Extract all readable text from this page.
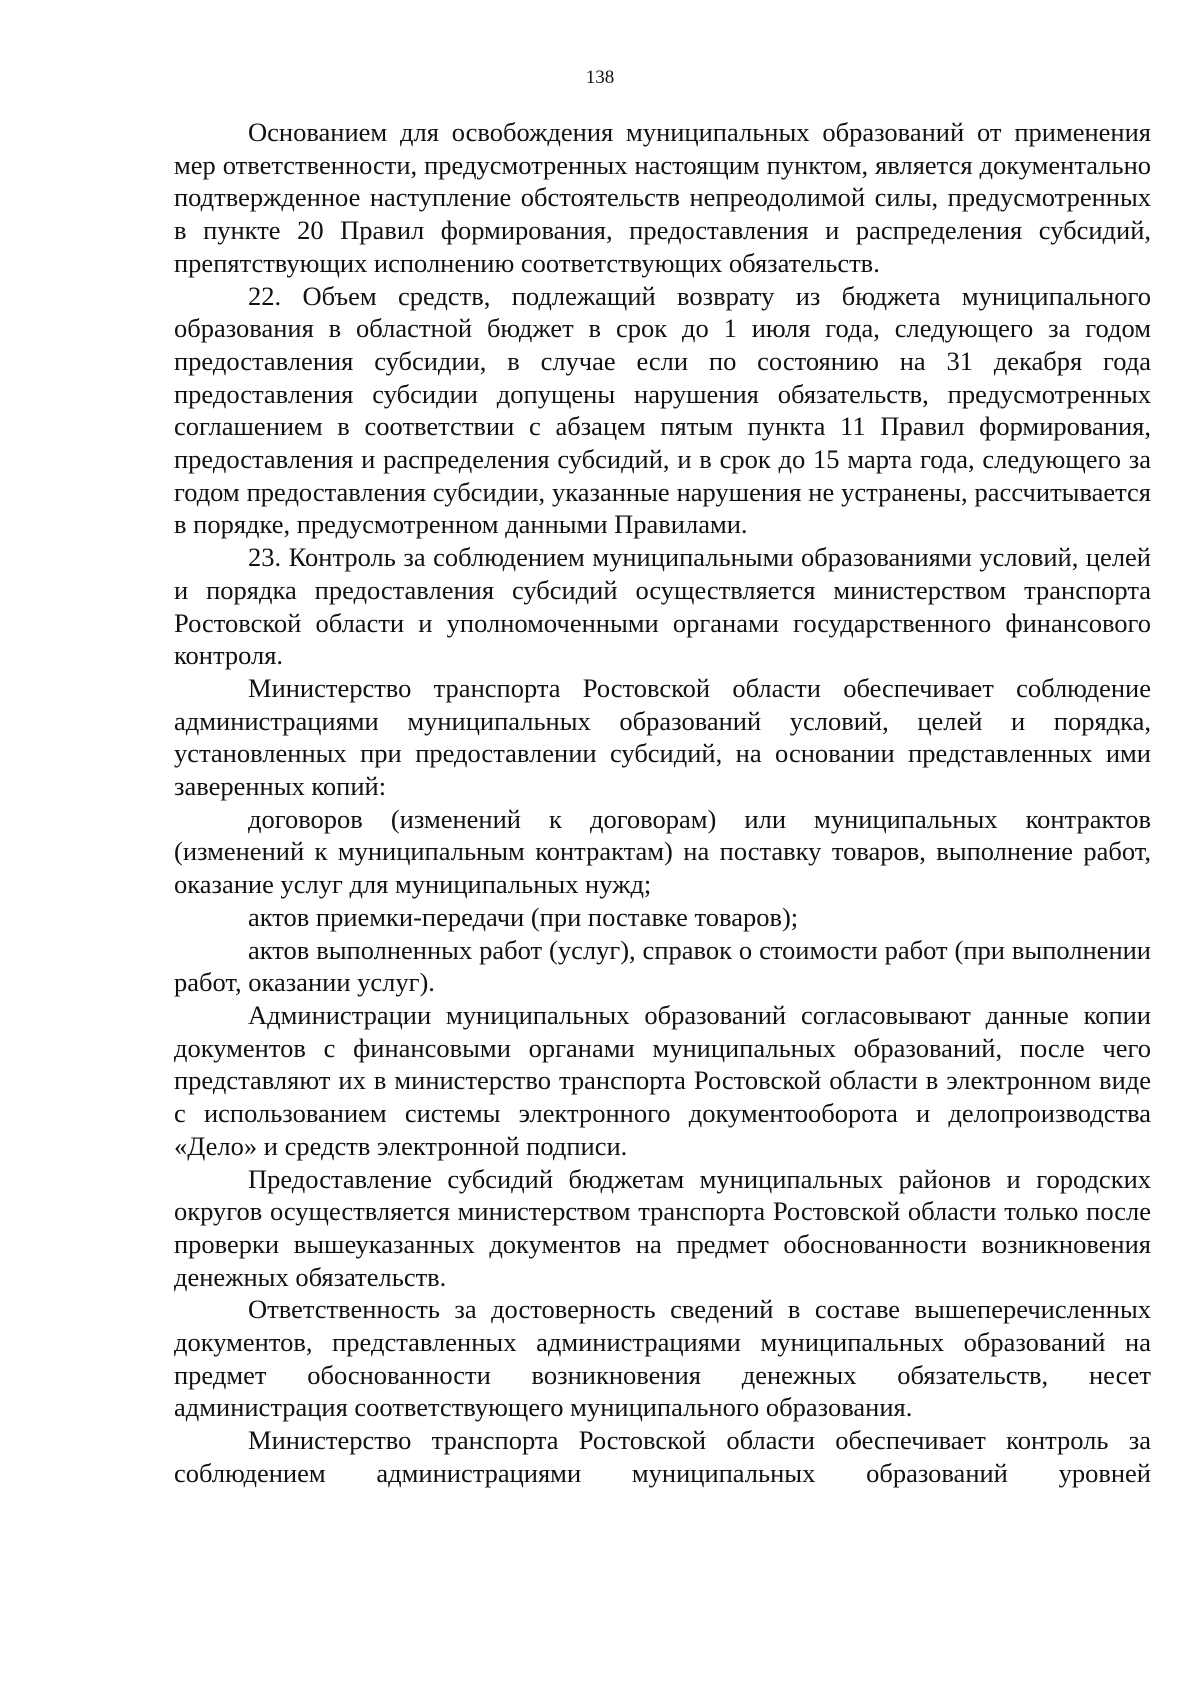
138

Основанием для освобождения муниципальных образований от применения мер ответственности, предусмотренных настоящим пунктом, является документально подтвержденное наступление обстоятельств непреодолимой силы, предусмотренных в пункте 20 Правил формирования, предоставления и распределения субсидий, препятствующих исполнению соответствующих обязательств.

22. Объем средств, подлежащий возврату из бюджета муниципального образования в областной бюджет в срок до 1 июля года, следующего за годом предоставления субсидии, в случае если по состоянию на 31 декабря года предоставления субсидии допущены нарушения обязательств, предусмотренных соглашением в соответствии с абзацем пятым пункта 11 Правил формирования, предоставления и распределения субсидий, и в срок до 15 марта года, следующего за годом предоставления субсидии, указанные нарушения не устранены, рассчитывается в порядке, предусмотренном данными Правилами.

23. Контроль за соблюдением муниципальными образованиями условий, целей и порядка предоставления субсидий осуществляется министерством транспорта Ростовской области и уполномоченными органами государственного финансового контроля.

Министерство транспорта Ростовской области обеспечивает соблюдение администрациями муниципальных образований условий, целей и порядка, установленных при предоставлении субсидий, на основании представленных ими заверенных копий:

договоров (изменений к договорам) или муниципальных контрактов (изменений к муниципальным контрактам) на поставку товаров, выполнение работ, оказание услуг для муниципальных нужд;

актов приемки-передачи (при поставке товаров);

актов выполненных работ (услуг), справок о стоимости работ (при выполнении работ, оказании услуг).

Администрации муниципальных образований согласовывают данные копии документов с финансовыми органами муниципальных образований, после чего представляют их в министерство транспорта Ростовской области в электронном виде с использованием системы электронного документооборота и делопроизводства «Дело» и средств электронной подписи.

Предоставление субсидий бюджетам муниципальных районов и городских округов осуществляется министерством транспорта Ростовской области только после проверки вышеуказанных документов на предмет обоснованности возникновения денежных обязательств.

Ответственность за достоверность сведений в составе вышеперечисленных документов, представленных администрациями муниципальных образований на предмет обоснованности возникновения денежных обязательств, несет администрация соответствующего муниципального образования.

Министерство транспорта Ростовской области обеспечивает контроль за соблюдением администрациями муниципальных образований уровней
